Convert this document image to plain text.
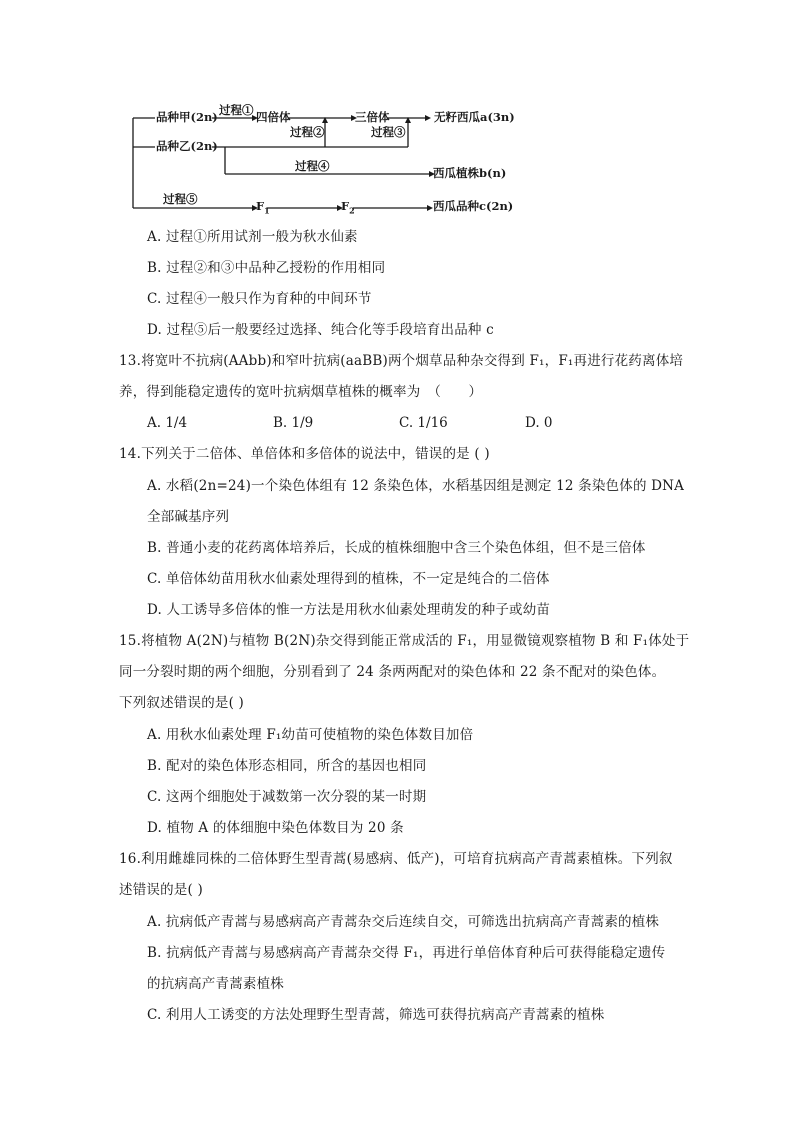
品种甲(2n)
品种乙(2n)
过程① 四倍体	三倍体	无籽西瓜a(3n)
过程②	过程③
过程④	西瓜植株b(n)
过程⑤	$F_1$	$F_2$	西瓜品种c(2n)
A. 过程①所用试剂一般为秋水仙素
B. 过程②和③中品种乙授粉的作用相同
C. 过程④一般只作为育种的中间环节
D. 过程⑤后一般要经过选择、纯合化等手段培育出品种 c
13.将宽叶不抗病(AAbb)和窄叶抗病(aaBB)两个烟草品种杂交得到 F₁，F₁再进行花药离体培
养，得到能稳定遗传的宽叶抗病烟草植株的概率为　（　　）
A. 1/4	B. 1/9	C. 1/16	D. 0
14.下列关于二倍体、单倍体和多倍体的说法中，错误的是 ( )
A. 水稻(2n=24)一个染色体组有 12 条染色体，水稻基因组是测定 12 条染色体的 DNA
全部碱基序列
B. 普通小麦的花药离体培养后，长成的植株细胞中含三个染色体组，但不是三倍体
C. 单倍体幼苗用秋水仙素处理得到的植株，不一定是纯合的二倍体
D. 人工诱导多倍体的惟一方法是用秋水仙素处理萌发的种子或幼苗
15.将植物 A(2N)与植物 B(2N)杂交得到能正常成活的 F₁，用显微镜观察植物 B 和 F₁体处于
同一分裂时期的两个细胞，分别看到了 24 条两两配对的染色体和 22 条不配对的染色体。
下列叙述错误的是( )
A. 用秋水仙素处理 F₁幼苗可使植物的染色体数目加倍
B. 配对的染色体形态相同，所含的基因也相同
C. 这两个细胞处于减数第一次分裂的某一时期
D. 植物 A 的体细胞中染色体数目为 20 条
16.利用雌雄同株的二倍体野生型青蒿(易感病、低产)，可培育抗病高产青蒿素植株。下列叙
述错误的是( )
A. 抗病低产青蒿与易感病高产青蒿杂交后连续自交，可筛选出抗病高产青蒿素的植株
B. 抗病低产青蒿与易感病高产青蒿杂交得 F₁，再进行单倍体育种后可获得能稳定遗传
的抗病高产青蒿素植株
C. 利用人工诱变的方法处理野生型青蒿，筛选可获得抗病高产青蒿素的植株
